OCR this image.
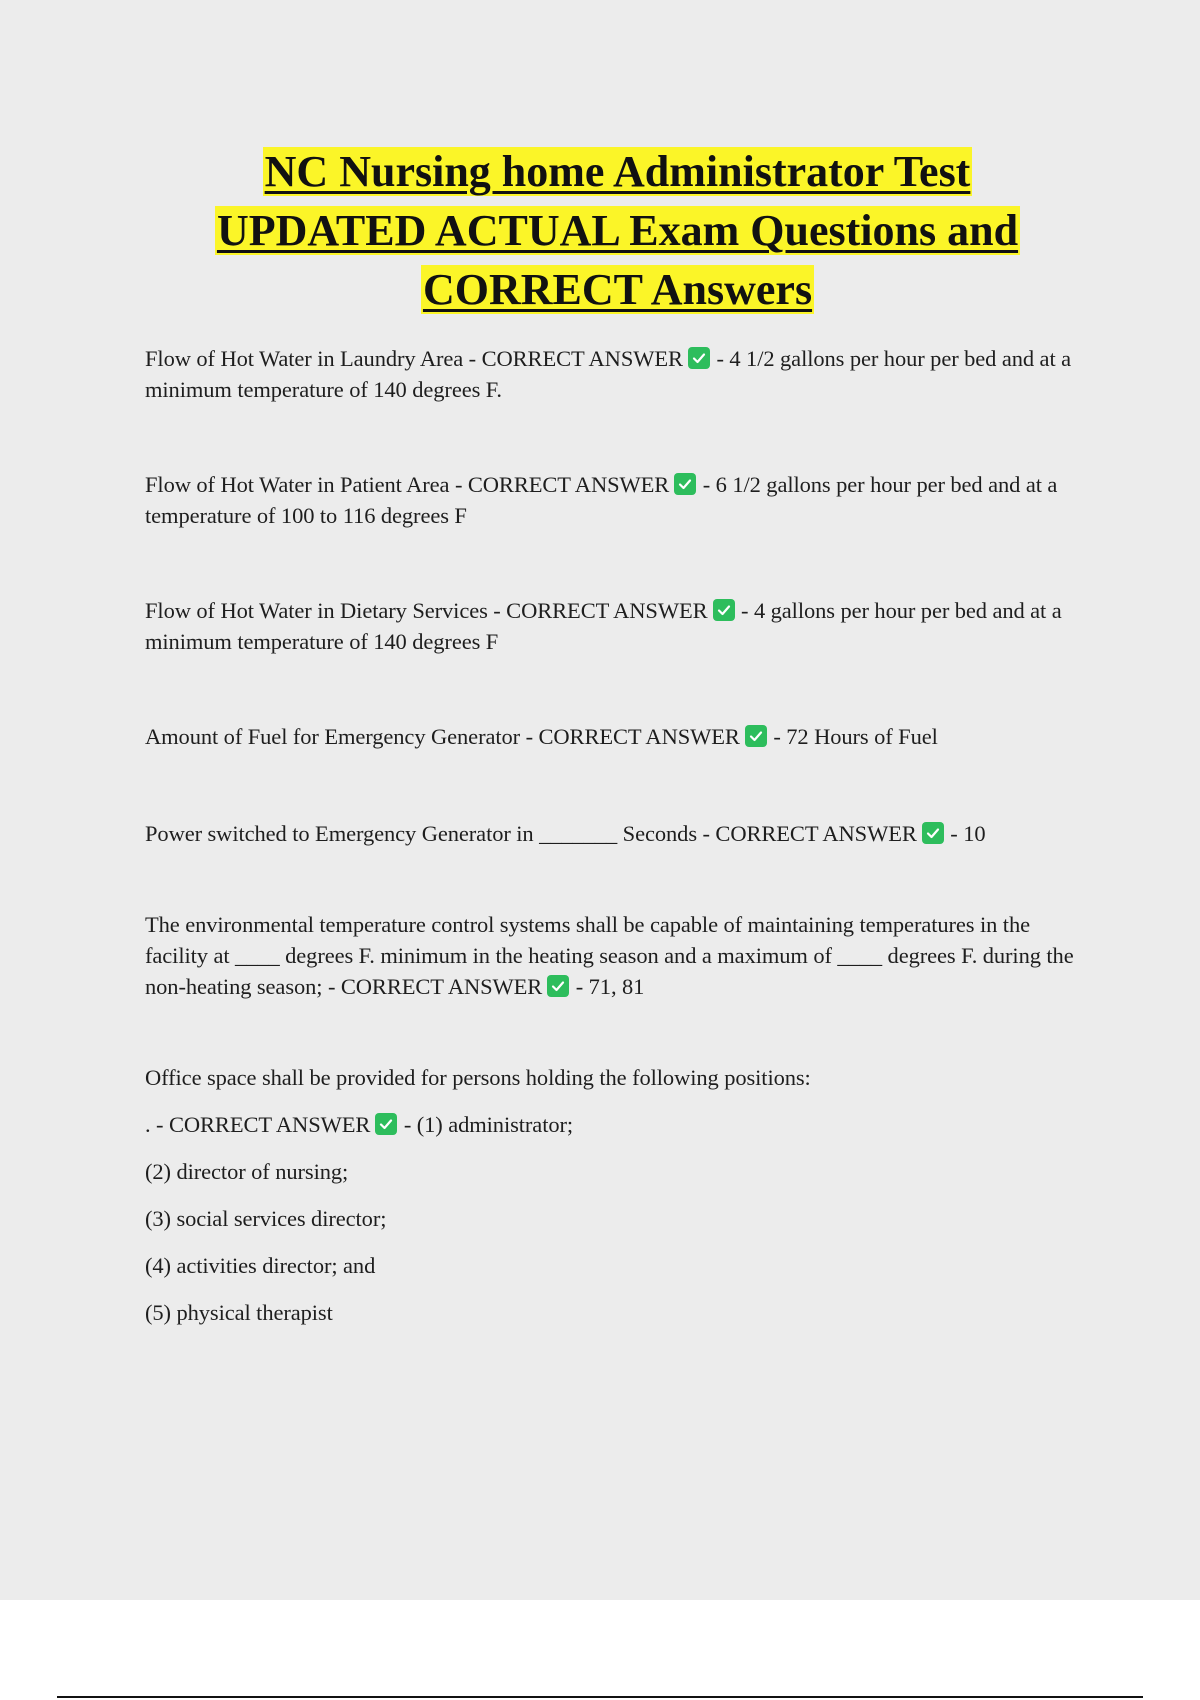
NC Nursing home Administrator Test
UPDATED ACTUAL Exam Questions and
CORRECT Answers

Flow of Hot Water in Laundry Area - CORRECT ANSWER
- 4 1/2 gallons per hour per bed and at a minimum temperature of 140 degrees F.

Flow of Hot Water in Patient Area - CORRECT ANSWER
- 6 1/2 gallons per hour per bed and at a temperature of 100 to 116 degrees F

Flow of Hot Water in Dietary Services - CORRECT ANSWER
- 4 gallons per hour per bed and at a minimum temperature of 140 degrees F

Amount of Fuel for Emergency Generator - CORRECT ANSWER
- 72 Hours of Fuel

Power switched to Emergency Generator in _______ Seconds - CORRECT ANSWER
- 10

The environmental temperature control systems shall be capable of maintaining temperatures in the facility at ____ degrees F. minimum in the heating season and a maximum of ____ degrees F. during the non-heating season; - CORRECT ANSWER
- 71, 81

Office space shall be provided for persons holding the following positions:

. - CORRECT ANSWER
- (1) administrator;

(2) director of nursing;

(3) social services director;

(4) activities director; and

(5) physical therapist
